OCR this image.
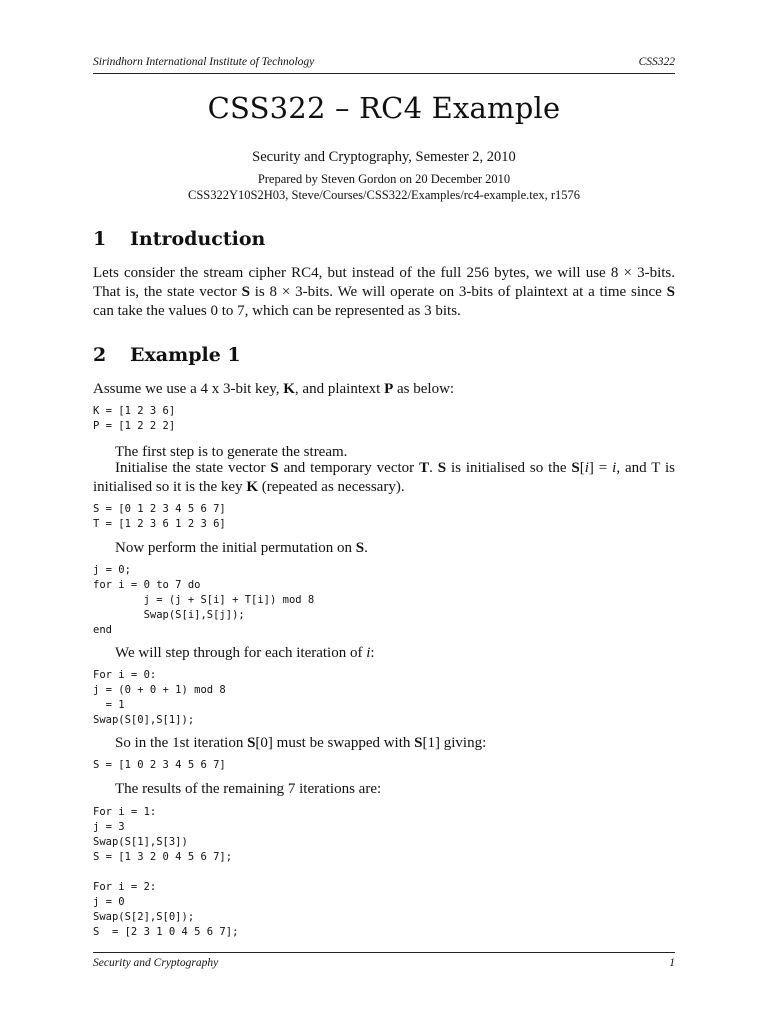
Sirindhorn International Institute of Technology	CSS322
CSS322 – RC4 Example
Security and Cryptography, Semester 2, 2010
Prepared by Steven Gordon on 20 December 2010
CSS322Y10S2H03, Steve/Courses/CSS322/Examples/rc4-example.tex, r1576
1 Introduction
Lets consider the stream cipher RC4, but instead of the full 256 bytes, we will use 8 × 3-bits. That is, the state vector S is 8 × 3-bits. We will operate on 3-bits of plaintext at a time since S can take the values 0 to 7, which can be represented as 3 bits.
2 Example 1
Assume we use a 4 x 3-bit key, K, and plaintext P as below:
K = [1 2 3 6]
P = [1 2 2 2]
The first step is to generate the stream.
Initialise the state vector S and temporary vector T. S is initialised so the S[i] = i, and T is initialised so it is the key K (repeated as necessary).
S = [0 1 2 3 4 5 6 7]
T = [1 2 3 6 1 2 3 6]
Now perform the initial permutation on S.
j = 0;
for i = 0 to 7 do
j = (j + S[i] + T[i]) mod 8
Swap(S[i],S[j]);
end
We will step through for each iteration of i:
For i = 0:
j = (0 + 0 + 1) mod 8
= 1
Swap(S[0],S[1]);
So in the 1st iteration S[0] must be swapped with S[1] giving:
S = [1 0 2 3 4 5 6 7]
The results of the remaining 7 iterations are:
For i = 1:
j = 3
Swap(S[1],S[3])
S = [1 3 2 0 4 5 6 7];

For i = 2:
j = 0
Swap(S[2],S[0]);
S  = [2 3 1 0 4 5 6 7];
Security and Cryptography	1
